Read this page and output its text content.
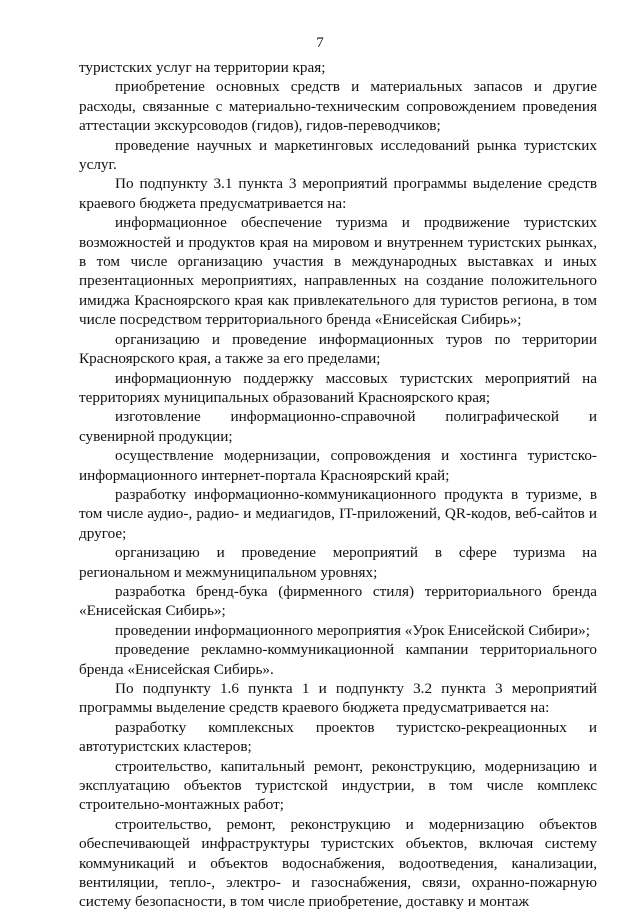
7

туристских услуг на территории края;

приобретение основных средств и материальных запасов и другие расходы, связанные с материально-техническим сопровождением проведения аттестации экскурсоводов (гидов), гидов-переводчиков;

проведение научных и маркетинговых исследований рынка туристских услуг.

По подпункту 3.1 пункта 3 мероприятий программы выделение средств краевого бюджета предусматривается на:

информационное обеспечение туризма и продвижение туристских возможностей и продуктов края на мировом и внутреннем туристских рынках, в том числе организацию участия в международных выставках и иных презентационных мероприятиях, направленных на создание положительного имиджа Красноярского края как привлекательного для туристов региона, в том числе посредством территориального бренда «Енисейская Сибирь»;

организацию и проведение информационных туров по территории Красноярского края, а также за его пределами;

информационную поддержку массовых туристских мероприятий на территориях муниципальных образований Красноярского края;

изготовление информационно-справочной полиграфической и сувенирной продукции;

осуществление модернизации, сопровождения и хостинга туристско-информационного интернет-портала Красноярский край;

разработку информационно-коммуникационного продукта в туризме, в том числе аудио-, радио- и медиагидов, IT-приложений, QR-кодов, веб-сайтов и другое;

организацию и проведение мероприятий в сфере туризма на региональном и межмуниципальном уровнях;

разработка бренд-бука (фирменного стиля) территориального бренда «Енисейская Сибирь»;

проведении информационного мероприятия «Урок Енисейской Сибири»;

проведение рекламно-коммуникационной кампании территориального бренда «Енисейская Сибирь».

По подпункту 1.6 пункта 1 и подпункту 3.2 пункта 3 мероприятий программы выделение средств краевого бюджета предусматривается на:

разработку комплексных проектов туристско-рекреационных и автотуристских кластеров;

строительство, капитальный ремонт, реконструкцию, модернизацию и эксплуатацию объектов туристской индустрии, в том числе комплекс строительно-монтажных работ;

строительство, ремонт, реконструкцию и модернизацию объектов обеспечивающей инфраструктуры туристских объектов, включая систему коммуникаций и объектов водоснабжения, водоотведения, канализации, вентиляции, тепло-, электро- и газоснабжения, связи, охранно-пожарную систему безопасности, в том числе приобретение, доставку и монтаж
